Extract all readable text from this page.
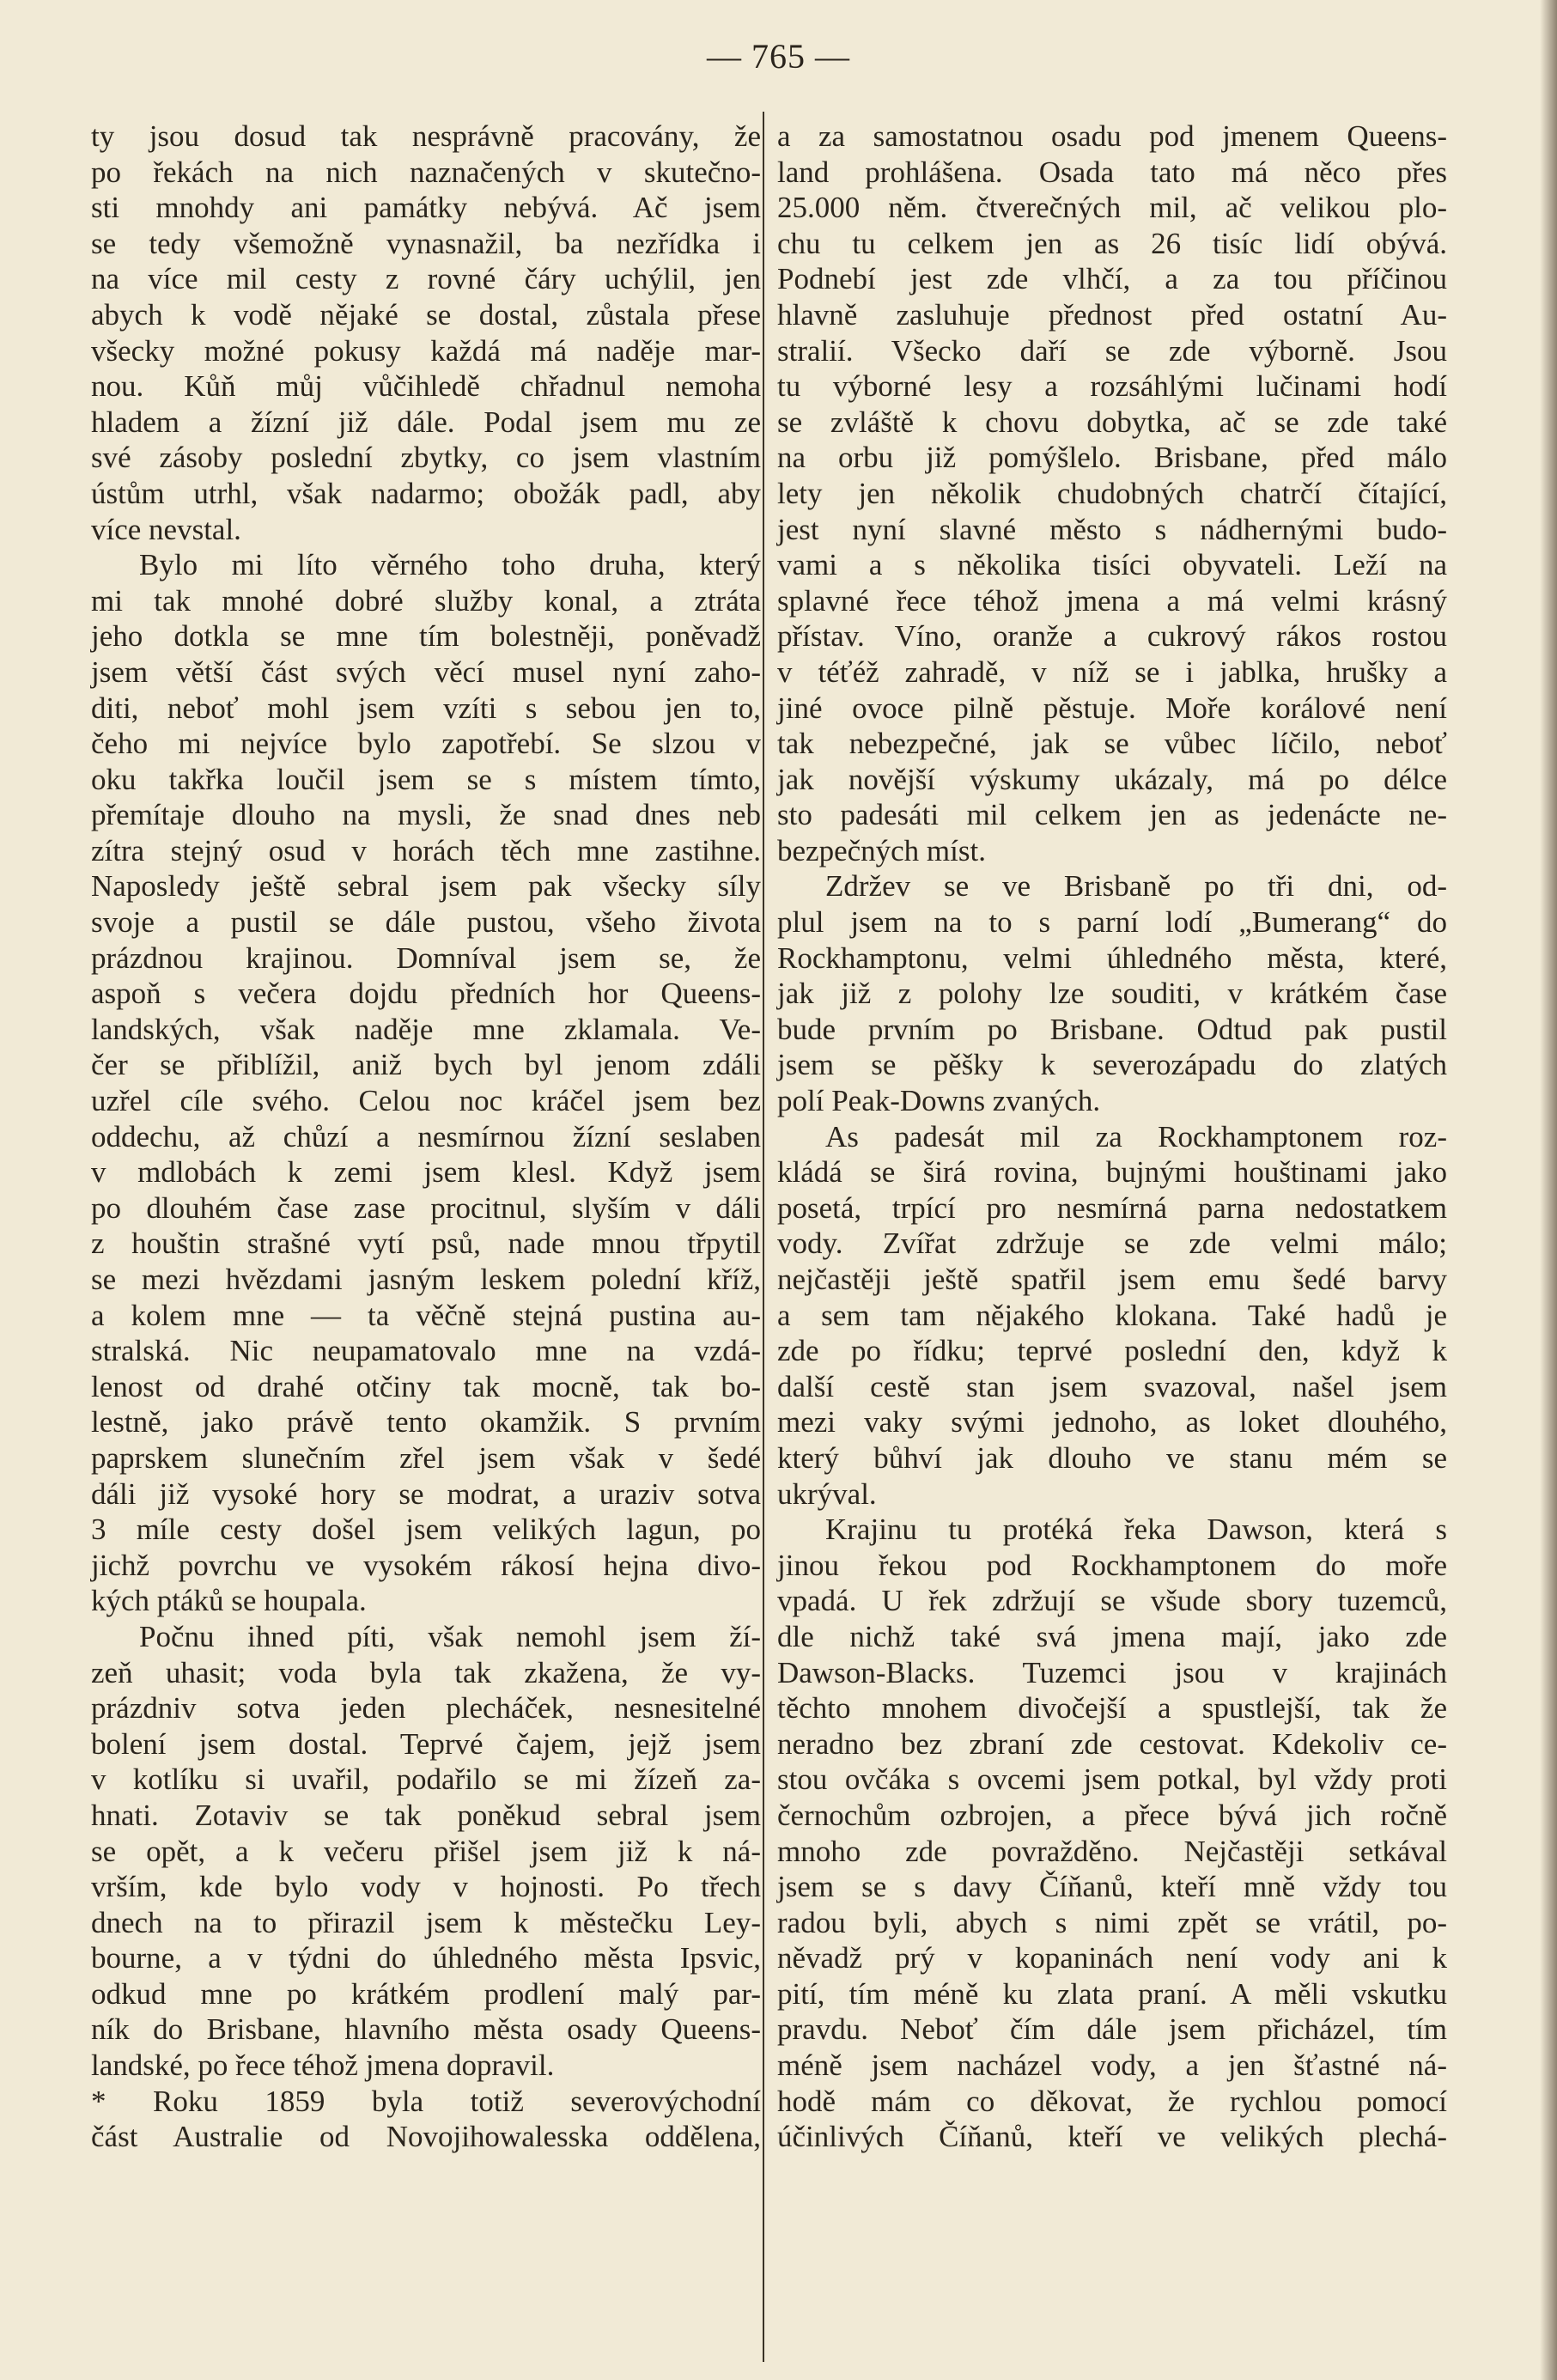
— 765 —
ty jsou dosud tak nesprávně pracovány, že
po řekách na nich naznačených v skutečno-
sti mnohdy ani památky nebývá. Ač jsem
se tedy všemožně vynasnažil, ba nezřídka i
na více mil cesty z rovné čáry uchýlil, jen
abych k vodě nějaké se dostal, zůstala přese
všecky možné pokusy každá má naděje mar-
nou. Kůň můj vůčihledě chřadnul nemoha
hladem a žízní již dále. Podal jsem mu ze
své zásoby poslední zbytky, co jsem vlastním
ústům utrhl, však nadarmo; obožák padl, aby
více nevstal.
Bylo mi líto věrného toho druha, který
mi tak mnohé dobré služby konal, a ztráta
jeho dotkla se mne tím bolestněji, poněvadž
jsem větší část svých věcí musel nyní zaho-
diti, neboť mohl jsem vzíti s sebou jen to,
čeho mi nejvíce bylo zapotřebí. Se slzou v
oku takřka loučil jsem se s místem tímto,
přemítaje dlouho na mysli, že snad dnes neb
zítra stejný osud v horách těch mne zastihne.
Naposledy ještě sebral jsem pak všecky síly
svoje a pustil se dále pustou, všeho života
prázdnou krajinou. Domníval jsem se, že
aspoň s večera dojdu předních hor Queens-
landských, však naděje mne zklamala. Ve-
čer se přiblížil, aniž bych byl jenom zdáli
uzřel cíle svého. Celou noc kráčel jsem bez
oddechu, až chůzí a nesmírnou žízní seslaben
v mdlobách k zemi jsem klesl. Když jsem
po dlouhém čase zase procitnul, slyším v dáli
z houštin strašné vytí psů, nade mnou třpytil
se mezi hvězdami jasným leskem polední kříž,
a kolem mne — ta věčně stejná pustina au-
stralská. Nic neupamatovalo mne na vzdá-
lenost od drahé otčiny tak mocně, tak bo-
lestně, jako právě tento okamžik. S prvním
paprskem slunečním zřel jsem však v šedé
dáli již vysoké hory se modrat, a uraziv sotva
3 míle cesty došel jsem velikých lagun, po
jichž povrchu ve vysokém rákosí hejna divo-
kých ptáků se houpala.
Počnu ihned píti, však nemohl jsem ží-
zeň uhasit; voda byla tak zkažena, že vy-
prázdniv sotva jeden plecháček, nesnesitelné
bolení jsem dostal. Teprvé čajem, jejž jsem
v kotlíku si uvařil, podařilo se mi žízeň za-
hnati. Zotaviv se tak poněkud sebral jsem
se opět, a k večeru přišel jsem již k ná-
vrším, kde bylo vody v hojnosti. Po třech
dnech na to přirazil jsem k městečku Ley-
bourne, a v týdni do úhledného města Ipsvic,
odkud mne po krátkém prodlení malý par-
ník do Brisbane, hlavního města osady Queens-
landské, po řece téhož jmena dopravil.
* Roku 1859 byla totiž severovýchodní
část Australie od Novojihowalesska oddělena,
a za samostatnou osadu pod jmenem Queens-
land prohlášena. Osada tato má něco přes
25.000 něm. čtverečných mil, ač velikou plo-
chu tu celkem jen as 26 tisíc lidí obývá.
Podnebí jest zde vlhčí, a za tou příčinou
hlavně zasluhuje přednost před ostatní Au-
stralií. Všecko daří se zde výborně. Jsou
tu výborné lesy a rozsáhlými lučinami hodí
se zvláště k chovu dobytka, ač se zde také
na orbu již pomýšlelo. Brisbane, před málo
lety jen několik chudobných chatrčí čítající,
jest nyní slavné město s nádhernými budo-
vami a s několika tisíci obyvateli. Leží na
splavné řece téhož jmena a má velmi krásný
přístav. Víno, oranže a cukrový rákos rostou
v téťéž zahradě, v níž se i jablka, hrušky a
jiné ovoce pilně pěstuje. Moře korálové není
tak nebezpečné, jak se vůbec líčilo, neboť
jak novější výskumy ukázaly, má po délce
sto padesáti mil celkem jen as jedenácte ne-
bezpečných míst.
Zdržev se ve Brisbaně po tři dni, od-
plul jsem na to s parní lodí „Bumerang“ do
Rockhamptonu, velmi úhledného města, které,
jak již z polohy lze souditi, v krátkém čase
bude prvním po Brisbane. Odtud pak pustil
jsem se pěšky k severozápadu do zlatých
polí Peak-Downs zvaných.
As padesát mil za Rockhamptonem roz-
kládá se širá rovina, bujnými houštinami jako
posetá, trpící pro nesmírná parna nedostatkem
vody. Zvířat zdržuje se zde velmi málo;
nejčastěji ještě spatřil jsem emu šedé barvy
a sem tam nějakého klokana. Také hadů je
zde po řídku; teprvé poslední den, když k
další cestě stan jsem svazoval, našel jsem
mezi vaky svými jednoho, as loket dlouhého,
který bůhví jak dlouho ve stanu mém se
ukrýval.
Krajinu tu protéká řeka Dawson, která s
jinou řekou pod Rockhamptonem do moře
vpadá. U řek zdržují se všude sbory tuzemců,
dle nichž také svá jmena mají, jako zde
Dawson-Blacks. Tuzemci jsou v krajinách
těchto mnohem divočejší a spustlejší, tak že
neradno bez zbraní zde cestovat. Kdekoliv ce-
stou ovčáka s ovcemi jsem potkal, byl vždy proti
černochům ozbrojen, a přece bývá jich ročně
mnoho zde povražděno. Nejčastěji setkával
jsem se s davy Číňanů, kteří mně vždy tou
radou byli, abych s nimi zpět se vrátil, po-
něvadž prý v kopaninách není vody ani k
pití, tím méně ku zlata praní. A měli vskutku
pravdu. Neboť čím dále jsem přicházel, tím
méně jsem nacházel vody, a jen šťastné ná-
hodě mám co děkovat, že rychlou pomocí
účinlivých Číňanů, kteří ve velikých plechá-
